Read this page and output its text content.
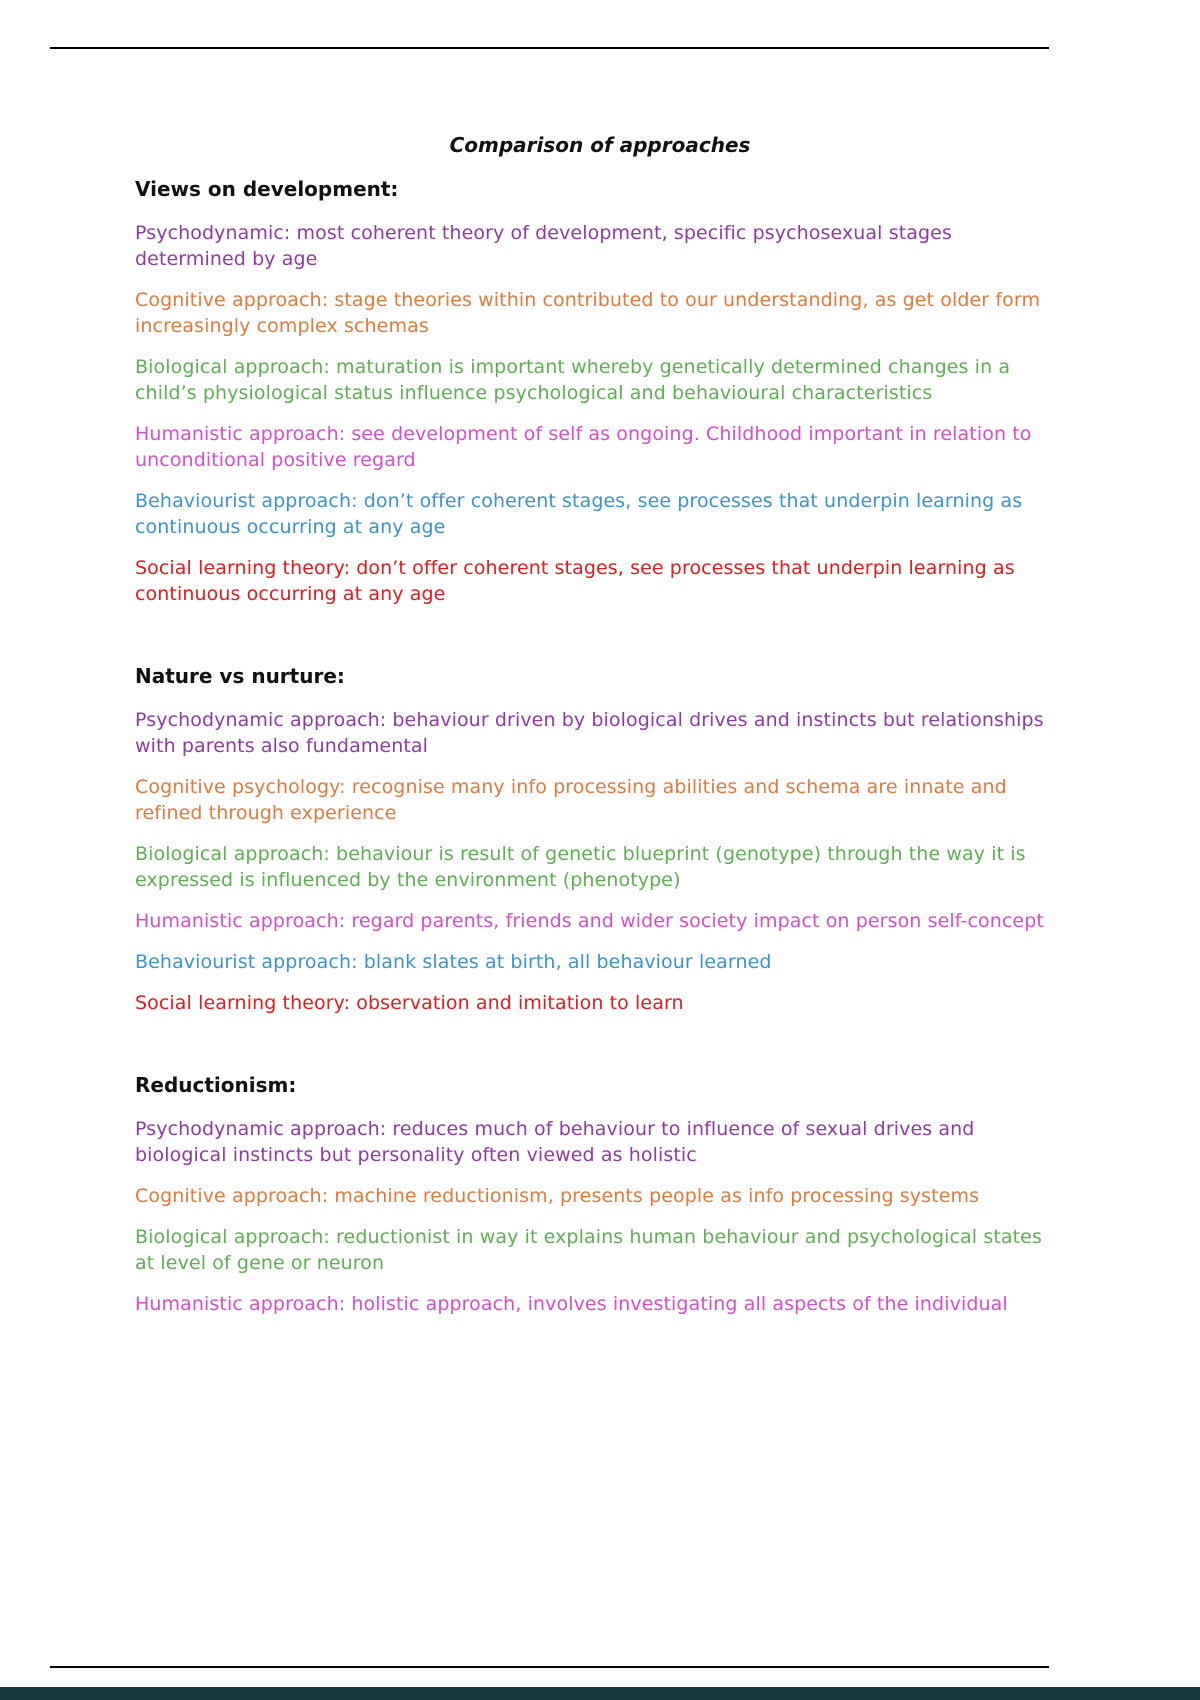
Comparison of approaches
Views on development:

Psychodynamic: most coherent theory of development, specific psychosexual stages determined by age

Cognitive approach: stage theories within contributed to our understanding, as get older form increasingly complex schemas

Biological approach: maturation is important whereby genetically determined changes in a child’s physiological status influence psychological and behavioural characteristics

Humanistic approach: see development of self as ongoing. Childhood important in relation to unconditional positive regard

Behaviourist approach: don’t offer coherent stages, see processes that underpin learning as continuous occurring at any age

Social learning theory: don’t offer coherent stages, see processes that underpin learning as continuous occurring at any age

Nature vs nurture:

Psychodynamic approach: behaviour driven by biological drives and instincts but relationships with parents also fundamental

Cognitive psychology: recognise many info processing abilities and schema are innate and refined through experience

Biological approach: behaviour is result of genetic blueprint (genotype) through the way it is expressed is influenced by the environment (phenotype)

Humanistic approach: regard parents, friends and wider society impact on person self-concept

Behaviourist approach: blank slates at birth, all behaviour learned

Social learning theory: observation and imitation to learn

Reductionism:

Psychodynamic approach: reduces much of behaviour to influence of sexual drives and biological instincts but personality often viewed as holistic

Cognitive approach: machine reductionism, presents people as info processing systems

Biological approach: reductionist in way it explains human behaviour and psychological states at level of gene or neuron

Humanistic approach: holistic approach, involves investigating all aspects of the individual
